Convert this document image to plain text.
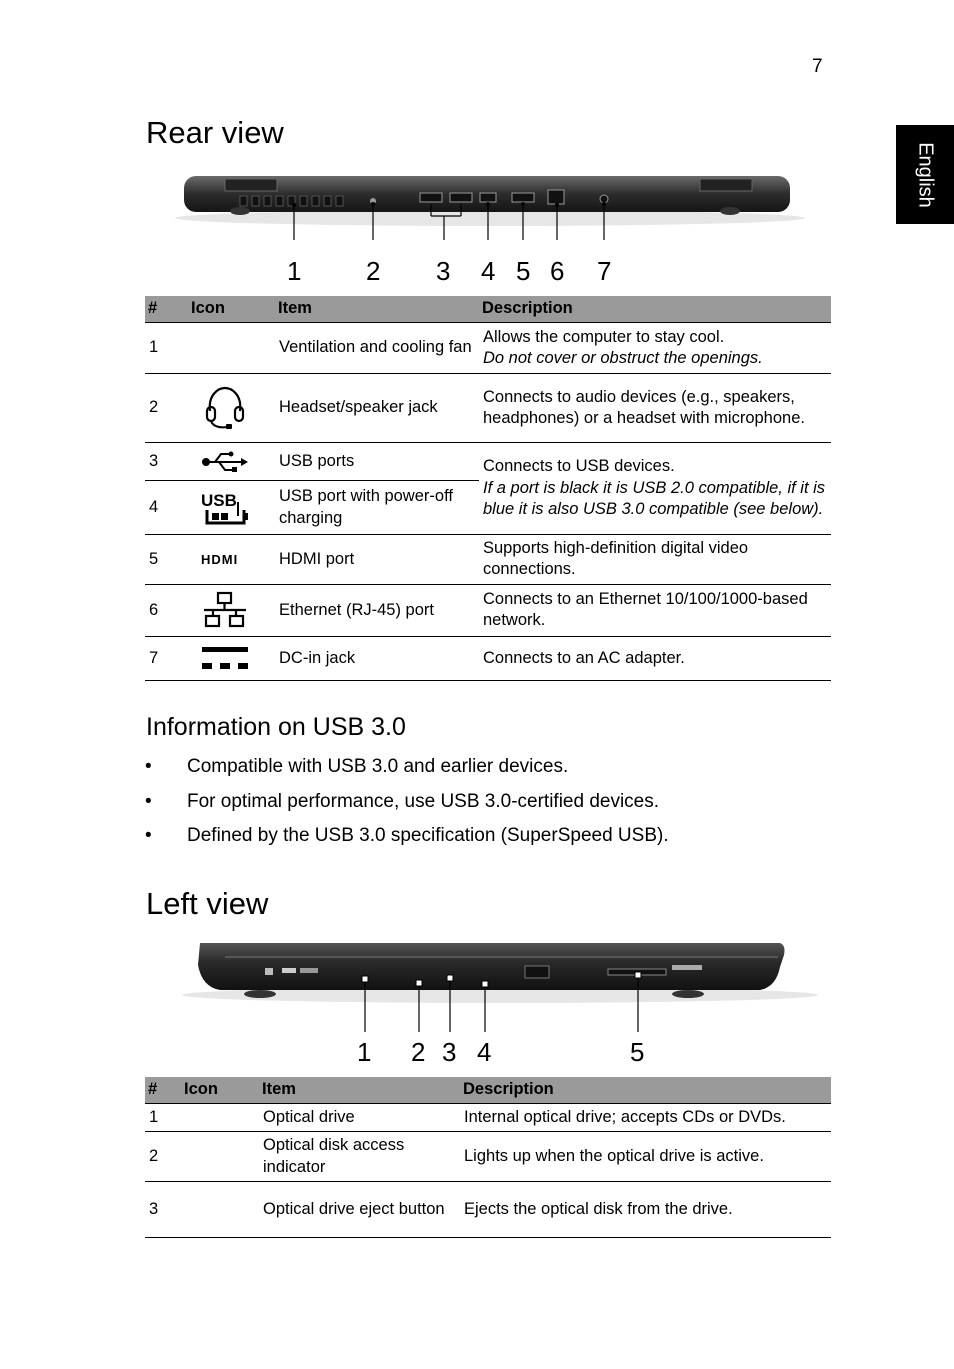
7
English
Rear view
1 2 3 4 5 6 7
#	Icon	Item	Description
1		Ventilation and cooling fan	Allows the computer to stay cool.
Do not cover or obstruct the openings.

2		Headset/speaker jack	Connects to audio devices (e.g., speakers, headphones) or a headset with microphone.
3		USB ports	Connects to USB devices.
If a port is black it is USB 2.0 compatible, if it is blue it is also USB 3.0 compatible (see below).

4	USB	USB port with power-off charging	
5	HDMI	HDMI port	Supports high-definition digital video connections.
6		Ethernet (RJ-45) port	Connects to an Ethernet 10/100/1000-based network.
7		DC-in jack	Connects to an AC adapter.
Information on USB 3.0
• Compatible with USB 3.0 and earlier devices.
• For optimal performance, use USB 3.0-certified devices.
• Defined by the USB 3.0 specification (SuperSpeed USB).
Left view
1 2 3 4	5
#	Icon	Item	Description
1		Optical drive	Internal optical drive; accepts CDs or DVDs.
2		Optical disk access indicator	Lights up when the optical drive is active.
3		Optical drive eject button	Ejects the optical disk from the drive.
